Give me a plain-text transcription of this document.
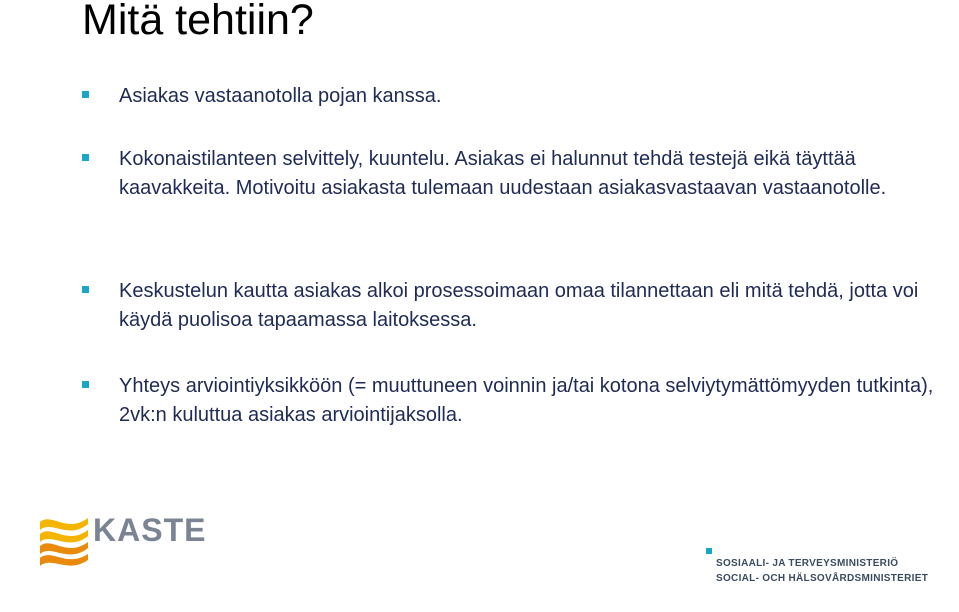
Mitä tehtiin?
Asiakas vastaanotolla pojan kanssa.
Kokonaistilanteen selvittely, kuuntelu. Asiakas ei halunnut tehdä testejä eikä täyttää kaavakkeita. Motivoitu asiakasta tulemaan uudestaan asiakasvastaavan vastaanotolle.
Keskustelun kautta asiakas alkoi prosessoimaan omaa tilannettaan eli mitä tehdä, jotta voi käydä puolisoa tapaamassa laitoksessa.
Yhteys arviointiyksikköön (= muuttuneen voinnin ja/tai kotona selviytymättömyyden tutkinta), 2vk:n kuluttua asiakas arviointijaksolla.
KASTE
SOSIAALI- JA TERVEYSMINISTERIÖ
SOCIAL- OCH HÄLSOVÅRDSMINISTERIET
